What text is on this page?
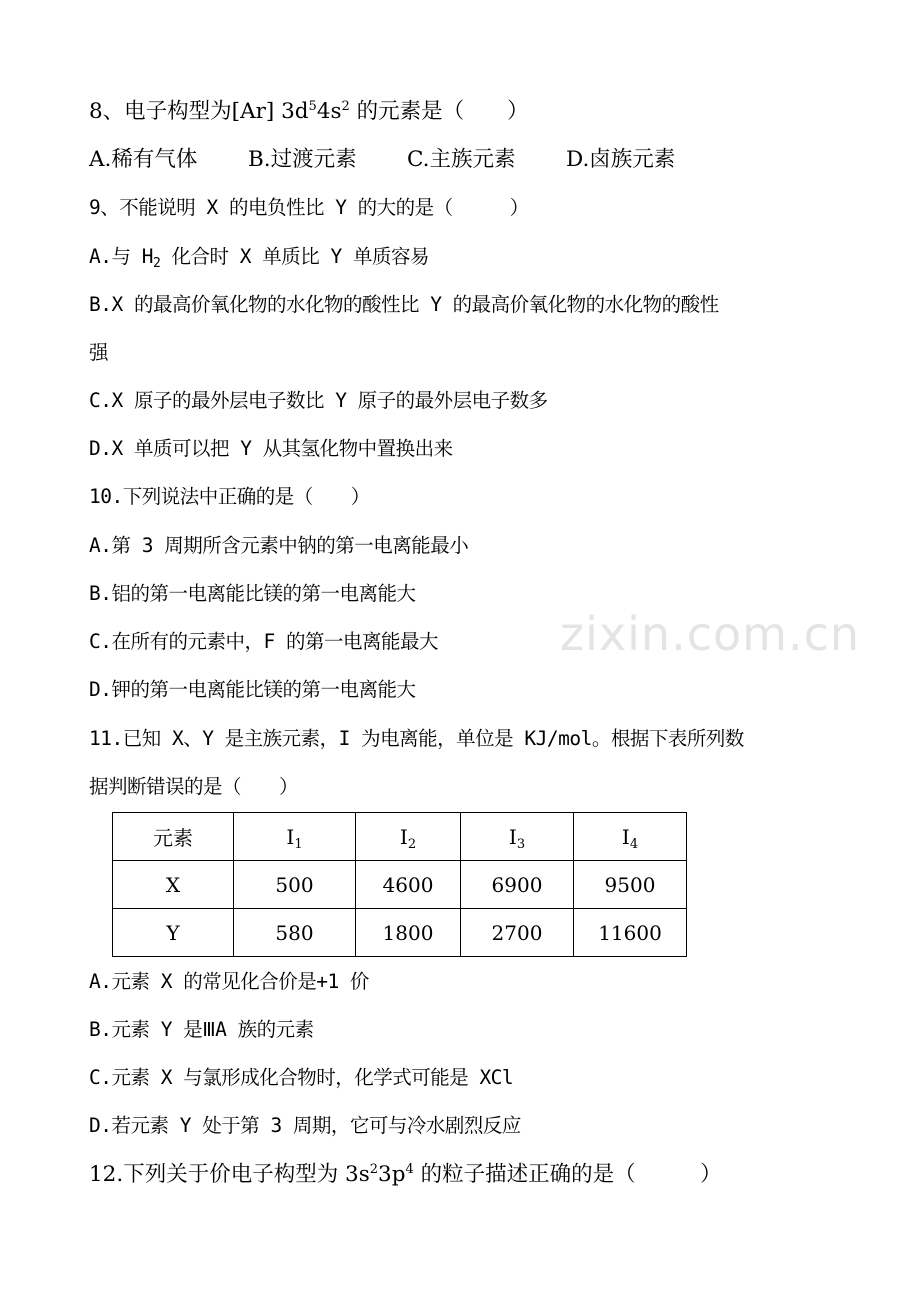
8、电子构型为[Ar] $3d^54s^2$ 的元素是（　　）
A.稀有气体 B.过渡元素 C.主族元素 D.卤族元素
9、不能说明 X 的电负性比 Y 的大的是（　　　）
A.与 $H_2$ 化合时 X 单质比 Y 单质容易
B.X 的最高价氧化物的水化物的酸性比 Y 的最高价氧化物的水化物的酸性
强
C.X 原子的最外层电子数比 Y 原子的最外层电子数多
D.X 单质可以把 Y 从其氢化物中置换出来
10.下列说法中正确的是（　　）
A.第 3 周期所含元素中钠的第一电离能最小
B.铝的第一电离能比镁的第一电离能大
C.在所有的元素中，F 的第一电离能最大
D.钾的第一电离能比镁的第一电离能大
zixin.com.cn
11.已知 X、Y 是主族元素，I 为电离能，单位是 KJ/mol。根据下表所列数
据判断错误的是（　　）
元素	$I_1$	$I_2$	$I_3$	$I_4$
X	500	4600	6900	9500
Y	580	1800	2700	11600
A.元素 X 的常见化合价是+1 价
B.元素 Y 是ⅢA 族的元素
C.元素 X 与氯形成化合物时，化学式可能是 XCl
D.若元素 Y 处于第 3 周期，它可与冷水剧烈反应
12.下列关于价电子构型为 $3s^23p^4$ 的粒子描述正确的是（　　　）
